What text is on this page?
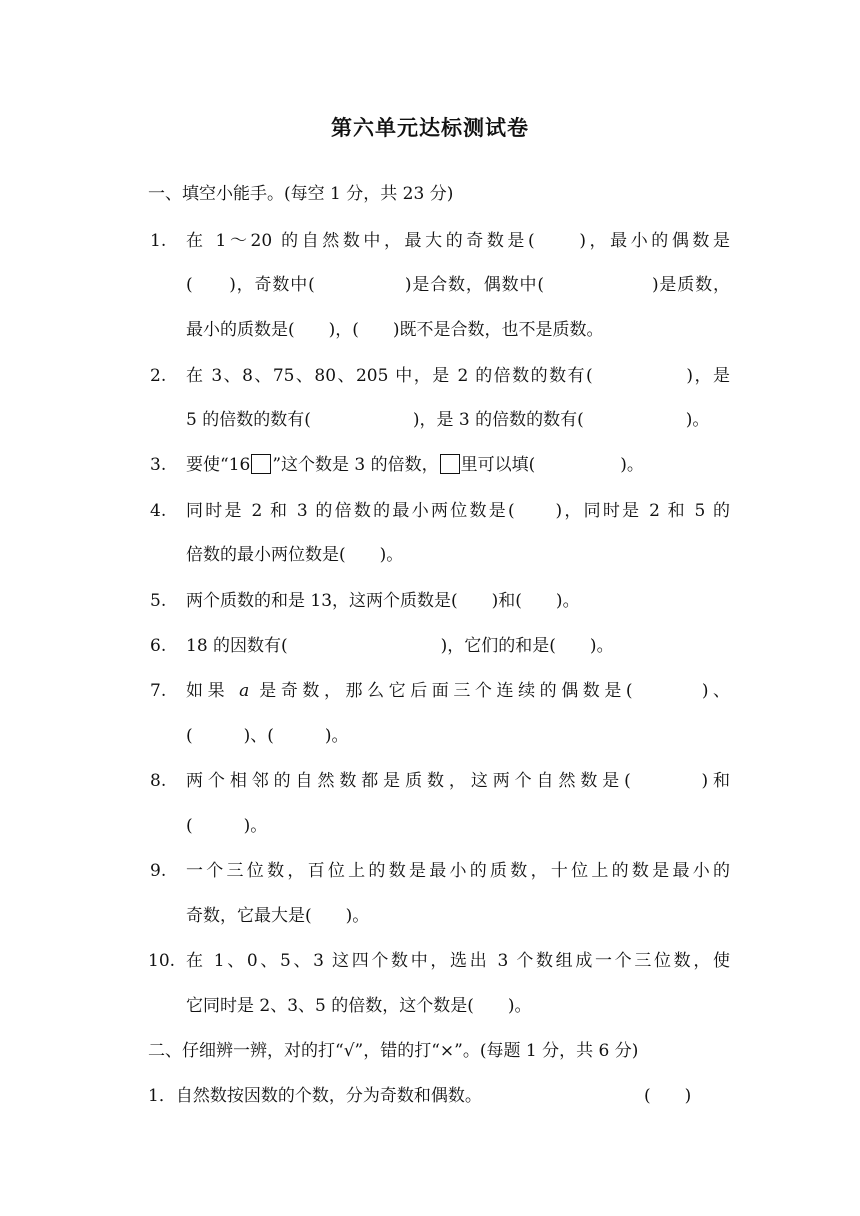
第六单元达标测试卷
一、填空小能手。(每空 1 分，共 23 分)
1. 在 1～20 的自然数中，最大的奇数是(　　)，最小的偶数是
(　　)，奇数中(　　　　　)是合数，偶数中(　　　　　　)是质数，
最小的质数是(　　)，(　　)既不是合数，也不是质数。
2. 在 3、8、75、80、205 中，是 2 的倍数的数有(　　　　　)，是
5 的倍数的数有(　　　　　　)，是 3 的倍数的数有(　　　　　　)。
3. 要使“16 ”这个数是 3 的倍数， 里可以填(　　　　　)。
4. 同时是 2 和 3 的倍数的最小两位数是(　　)，同时是 2 和 5 的
倍数的最小两位数是(　　)。
5. 两个质数的和是 13，这两个质数是(　　)和(　　)。
6. 18 的因数有(　　　　　　　　　)，它们的和是(　　)。
7. 如果 a 是奇数，那么它后面三个连续的偶数是(　　　)、
(　　　)、(　　　)。
8. 两个相邻的自然数都是质数，这两个自然数是(　　　)和
(　　　)。
9. 一个三位数，百位上的数是最小的质数，十位上的数是最小的
奇数，它最大是(　　)。
10. 在 1、0、5、3 这四个数中，选出 3 个数组成一个三位数，使
它同时是 2、3、5 的倍数，这个数是(　　)。
二、仔细辨一辨，对的打“√”，错的打“×”。(每题 1 分，共 6 分)
1．自然数按因数的个数，分为奇数和偶数。	(　　)
